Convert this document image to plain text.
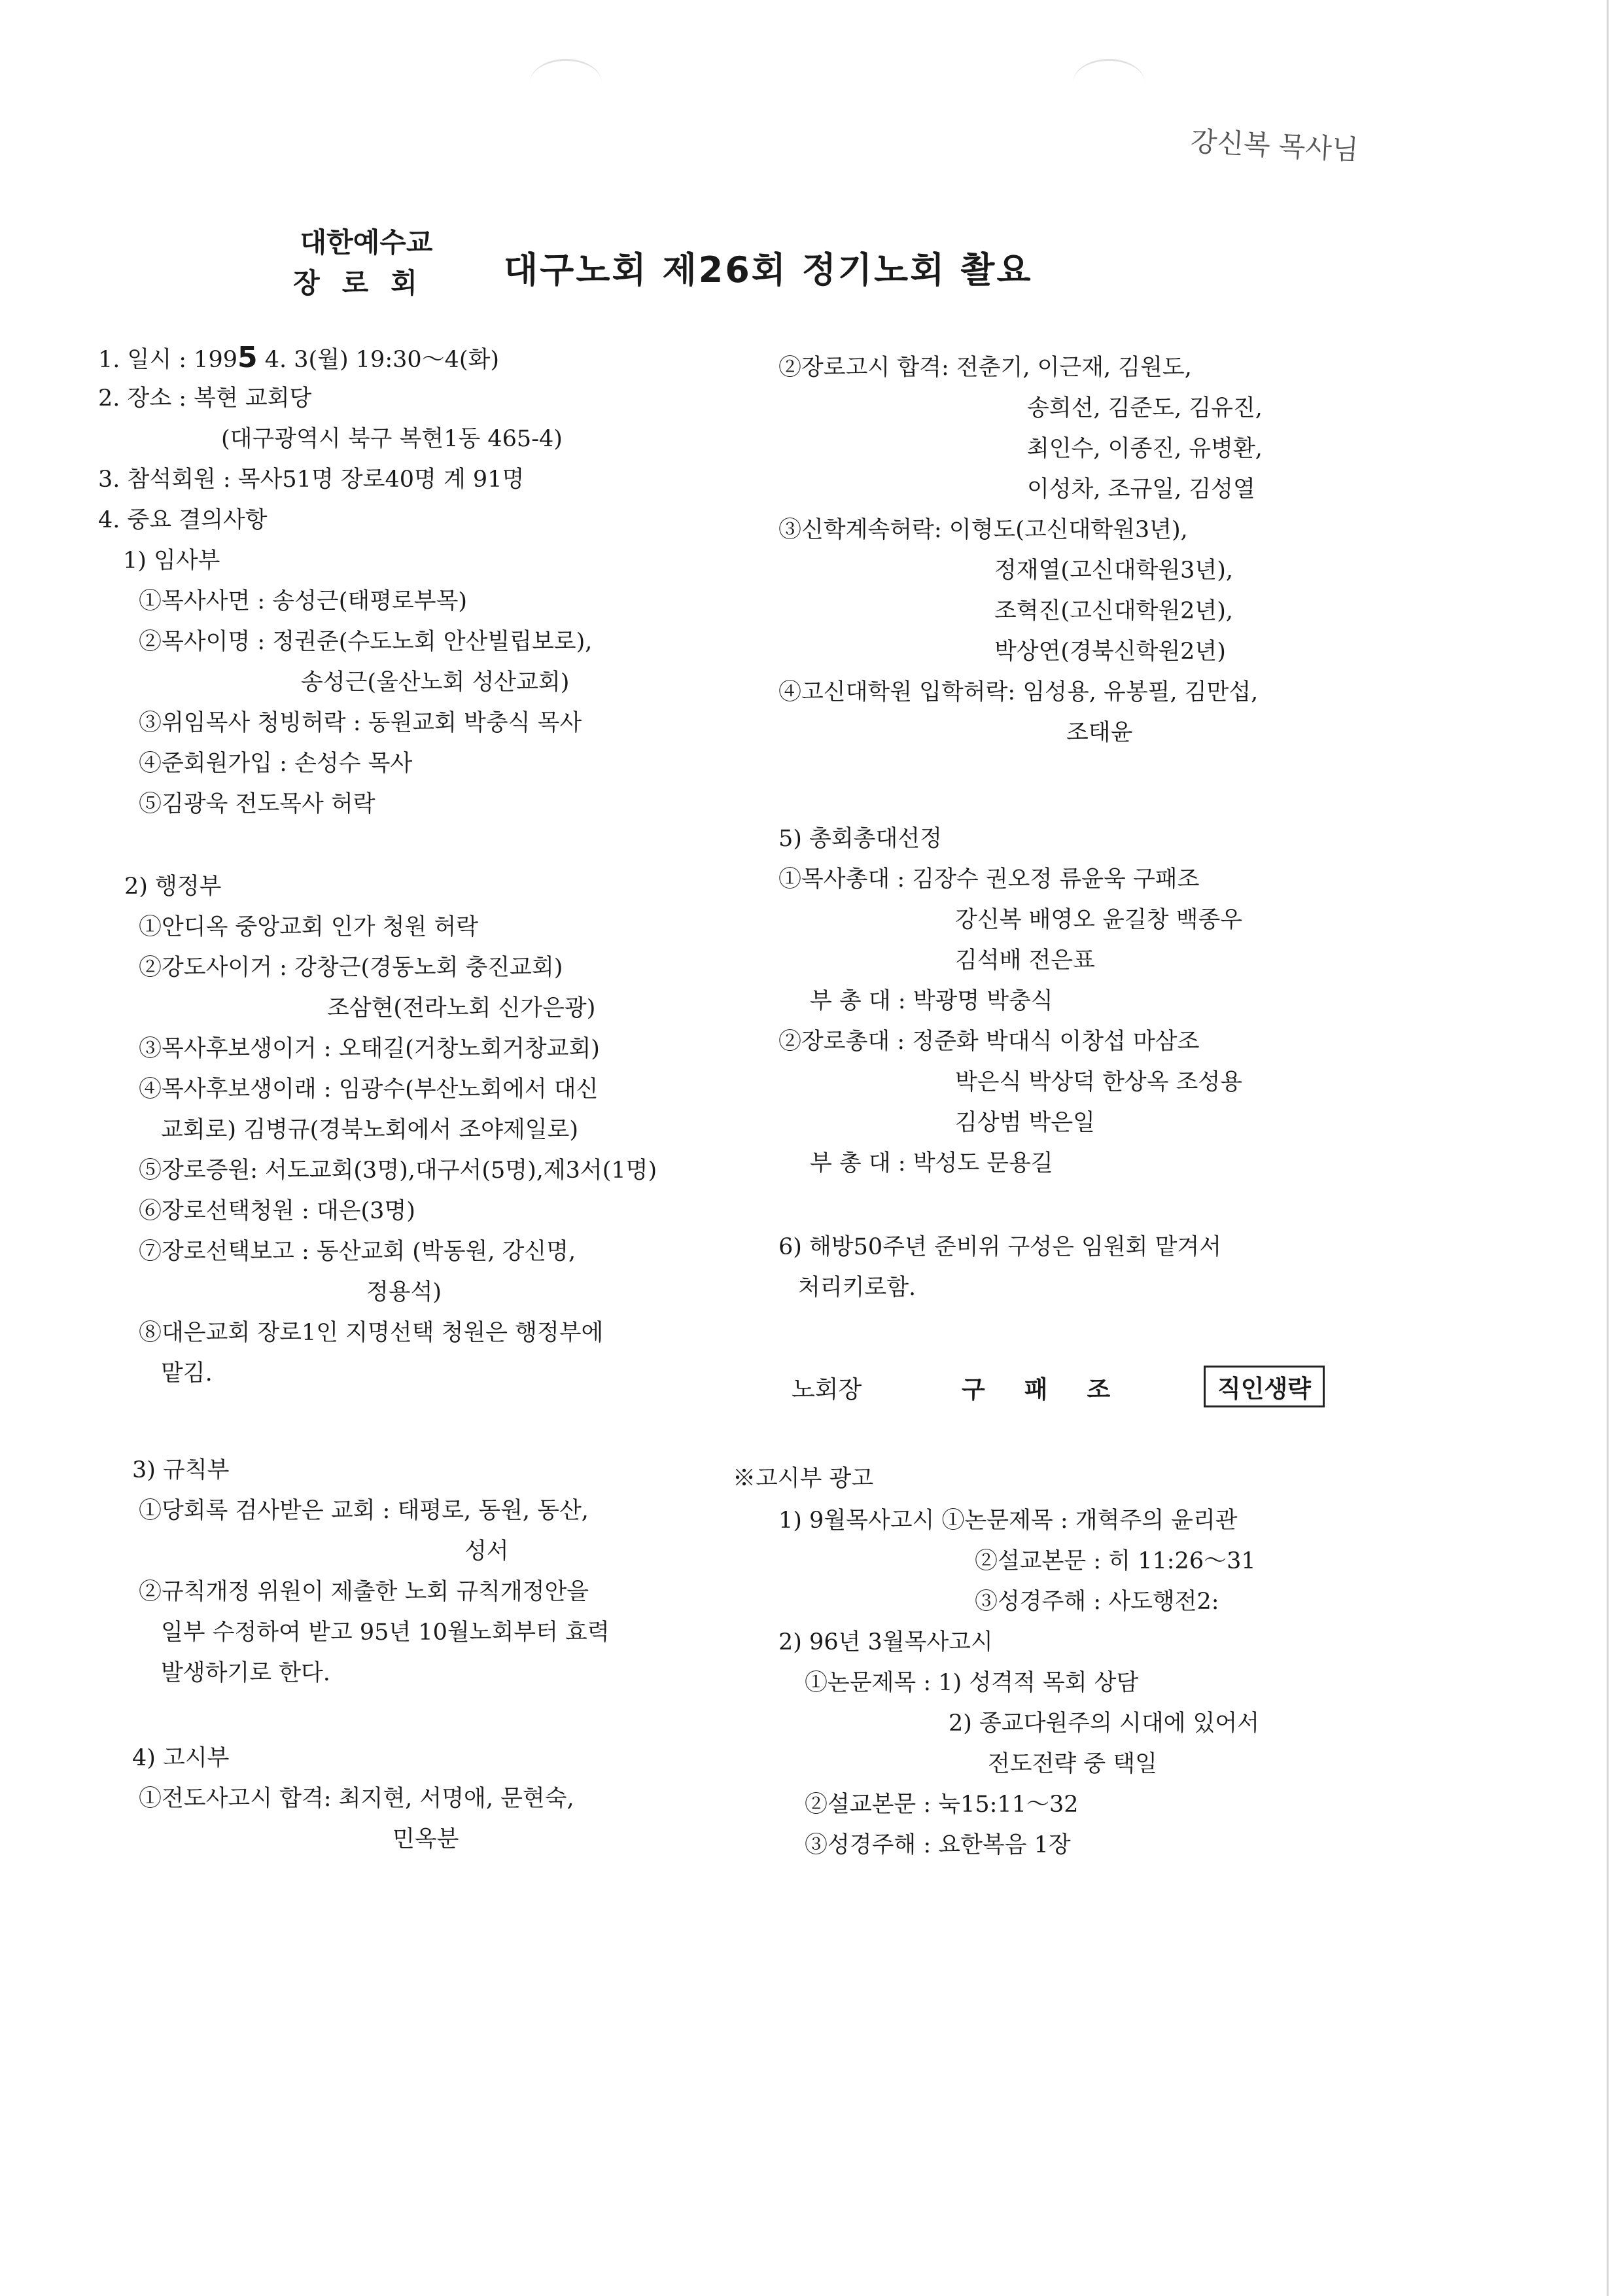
강신복 목사님
대한예수교
장로회	대구노회 제26회 정기노회 촬요
1. 일시 : 1995 4. 3(월) 19:30～4(화)
2. 장소 : 복현 교회당
(대구광역시 북구 복현1동 465-4)
3. 참석회원 : 목사51명 장로40명 계 91명
4. 중요 결의사항
1) 임사부
①목사사면 : 송성근(태평로부목)
②목사이명 : 정권준(수도노회 안산빌립보로),
송성근(울산노회 성산교회)
③위임목사 청빙허락 : 동원교회 박충식 목사
④준회원가입 : 손성수 목사
⑤김광욱 전도목사 허락
2) 행정부
①안디옥 중앙교회 인가 청원 허락
②강도사이거 : 강창근(경동노회 충진교회)
조삼현(전라노회 신가은광)
③목사후보생이거 : 오태길(거창노회거창교회)
④목사후보생이래 : 임광수(부산노회에서 대신
교회로) 김병규(경북노회에서 조야제일로)
⑤장로증원: 서도교회(3명),대구서(5명),제3서(1명)
⑥장로선택청원 : 대은(3명)
⑦장로선택보고 : 동산교회 (박동원, 강신명,
정용석)
⑧대은교회 장로1인 지명선택 청원은 행정부에
맡김.
3) 규칙부
①당회록 검사받은 교회 : 태평로, 동원, 동산,
성서
②규칙개정 위원이 제출한 노회 규칙개정안을
일부 수정하여 받고 95년 10월노회부터 효력
발생하기로 한다.
4) 고시부
①전도사고시 합격: 최지현, 서명애, 문현숙,
민옥분
②장로고시 합격: 전춘기, 이근재, 김원도,
송희선, 김준도, 김유진,
최인수, 이종진, 유병환,
이성차, 조규일, 김성열
③신학계속허락: 이형도(고신대학원3년),
정재열(고신대학원3년),
조혁진(고신대학원2년),
박상연(경북신학원2년)
④고신대학원 입학허락: 임성용, 유봉필, 김만섭,
조태윤
5) 총회총대선정
①목사총대 : 김장수 권오정 류윤욱 구패조
강신복 배영오 윤길창 백종우
김석배 전은표
부 총 대 : 박광명 박충식
②장로총대 : 정준화 박대식 이창섭 마삼조
박은식 박상덕 한상옥 조성용
김상범 박은일
부 총 대 : 박성도 문용길
6) 해방50주년 준비위 구성은 임원회 맡겨서
처리키로함.
노회장	구패조	직인생략
※고시부 광고
1) 9월목사고시 ①논문제목 : 개혁주의 윤리관
②설교본문 : 히 11:26～31
③성경주해 : 사도행전2:
2) 96년 3월목사고시
①논문제목 : 1) 성격적 목회 상담
2) 종교다원주의 시대에 있어서
전도전략 중 택일
②설교본문 : 눅15:11～32
③성경주해 : 요한복음 1장
